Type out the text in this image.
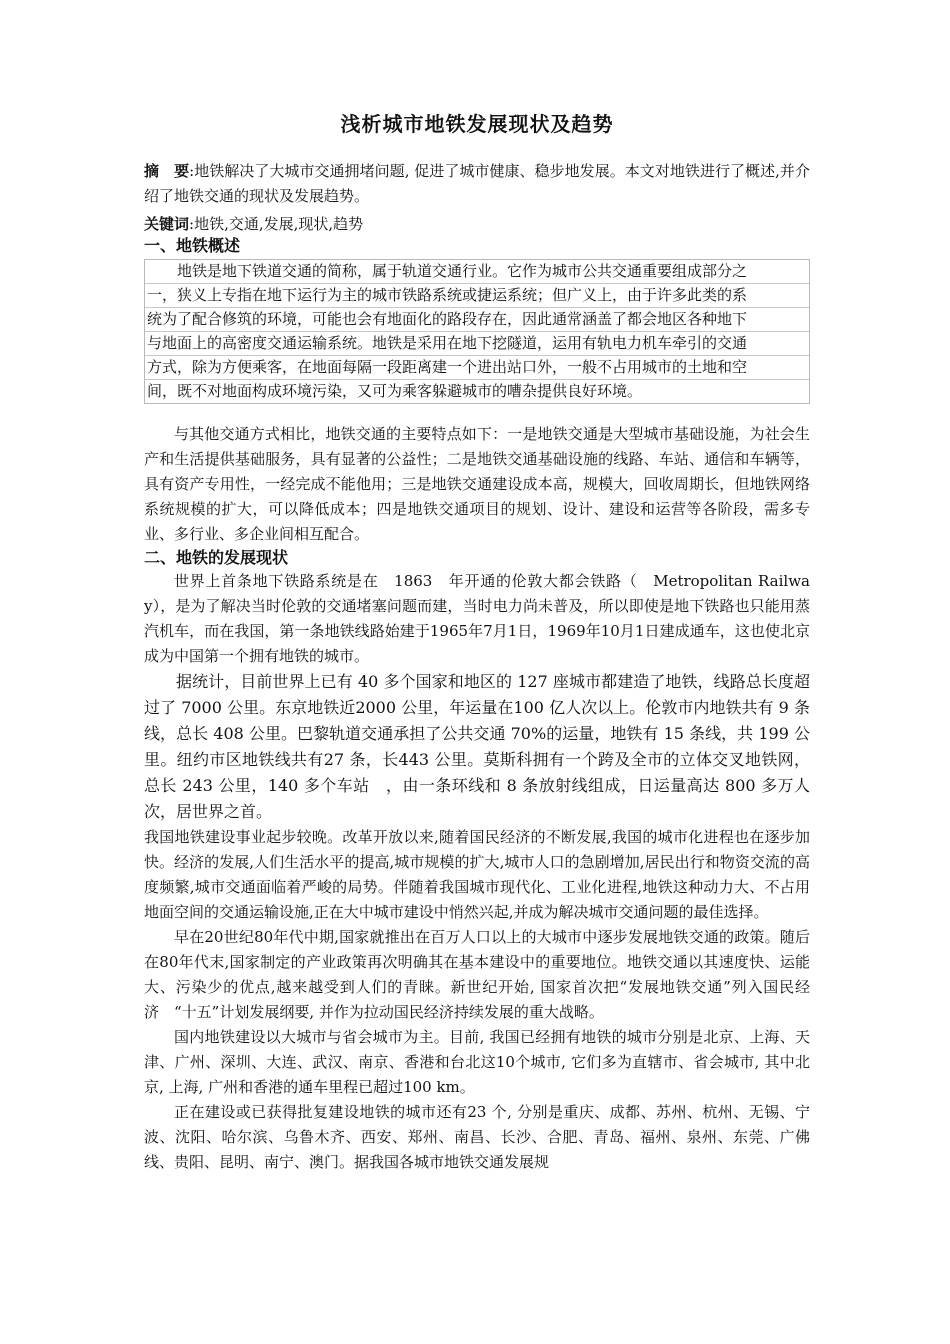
浅析城市地铁发展现状及趋势

摘　要:地铁解决了大城市交通拥堵问题, 促进了城市健康、稳步地发展。本文对地铁进行了概述,并介绍了地铁交通的现状及发展趋势。

关键词:地铁,交通,发展,现状,趋势

一、地铁概述
地铁是地下铁道交通的简称，属于轨道交通行业。它作为城市公共交通重要组成部分之
一，狭义上专指在地下运行为主的城市铁路系统或捷运系统；但广义上，由于许多此类的系
统为了配合修筑的环境，可能也会有地面化的路段存在，因此通常涵盖了都会地区各种地下
与地面上的高密度交通运输系统。地铁是采用在地下挖隧道，运用有轨电力机车牵引的交通
方式，除为方便乘客，在地面每隔一段距离建一个进出站口外，一般不占用城市的土地和空
间，既不对地面构成环境污染，又可为乘客躲避城市的嘈杂提供良好环境。

与其他交通方式相比，地铁交通的主要特点如下：一是地铁交通是大型城市基础设施，为社会生产和生活提供基础服务，具有显著的公益性；二是地铁交通基础设施的线路、车站、通信和车辆等，具有资产专用性，一经完成不能他用；三是地铁交通建设成本高，规模大，回收周期长，但地铁网络系统规模的扩大，可以降低成本；四是地铁交通项目的规划、设计、建设和运营等各阶段，需多专业、多行业、多企业间相互配合。

二、地铁的发展现状

世界上首条地下铁路系统是在　1863　年开通的伦敦大都会铁路（　Metropolitan Railway），是为了解决当时伦敦的交通堵塞问题而建，当时电力尚未普及，所以即使是地下铁路也只能用蒸汽机车，而在我国，第一条地铁线路始建于1965年7月1日，1969年10月1日建成通车，这也使北京成为中国第一个拥有地铁的城市。

据统计，目前世界上已有 40 多个国家和地区的 127 座城市都建造了地铁，线路总长度超过了 7000 公里。东京地铁近2000 公里，年运量在100 亿人次以上。伦敦市内地铁共有 9 条线，总长 408 公里。巴黎轨道交通承担了公共交通 70%的运量，地铁有 15 条线，共 199 公里。纽约市区地铁线共有27 条，长443 公里。莫斯科拥有一个跨及全市的立体交叉地铁网，总长 243 公里，140 多个车站　，由一条环线和 8 条放射线组成，日运量高达 800 多万人次，居世界之首。

我国地铁建设事业起步较晚。改革开放以来,随着国民经济的不断发展,我国的城市化进程也在逐步加快。经济的发展,人们生活水平的提高,城市规模的扩大,城市人口的急剧增加,居民出行和物资交流的高度频繁,城市交通面临着严峻的局势。伴随着我国城市现代化、工业化进程,地铁这种动力大、不占用地面空间的交通运输设施,正在大中城市建设中悄然兴起,并成为解决城市交通问题的最佳选择。

早在20世纪80年代中期,国家就推出在百万人口以上的大城市中逐步发展地铁交通的政策。随后在80年代末,国家制定的产业政策再次明确其在基本建设中的重要地位。地铁交通以其速度快、运能大、污染少的优点,越来越受到人们的青睐。新世纪开始, 国家首次把“发展地铁交通”列入国民经济　“十五”计划发展纲要, 并作为拉动国民经济持续发展的重大战略。

国内地铁建设以大城市与省会城市为主。目前, 我国已经拥有地铁的城市分别是北京、上海、天津、广州、深圳、大连、武汉、南京、香港和台北这10个城市, 它们多为直辖市、省会城市, 其中北京, 上海, 广州和香港的通车里程已超过100 km。

正在建设或已获得批复建设地铁的城市还有23 个, 分别是重庆、成都、苏州、杭州、无锡、宁波、沈阳、哈尔滨、乌鲁木齐、西安、郑州、南昌、长沙、合肥、青岛、福州、泉州、东莞、广佛线、贵阳、昆明、南宁、澳门。据我国各城市地铁交通发展规
